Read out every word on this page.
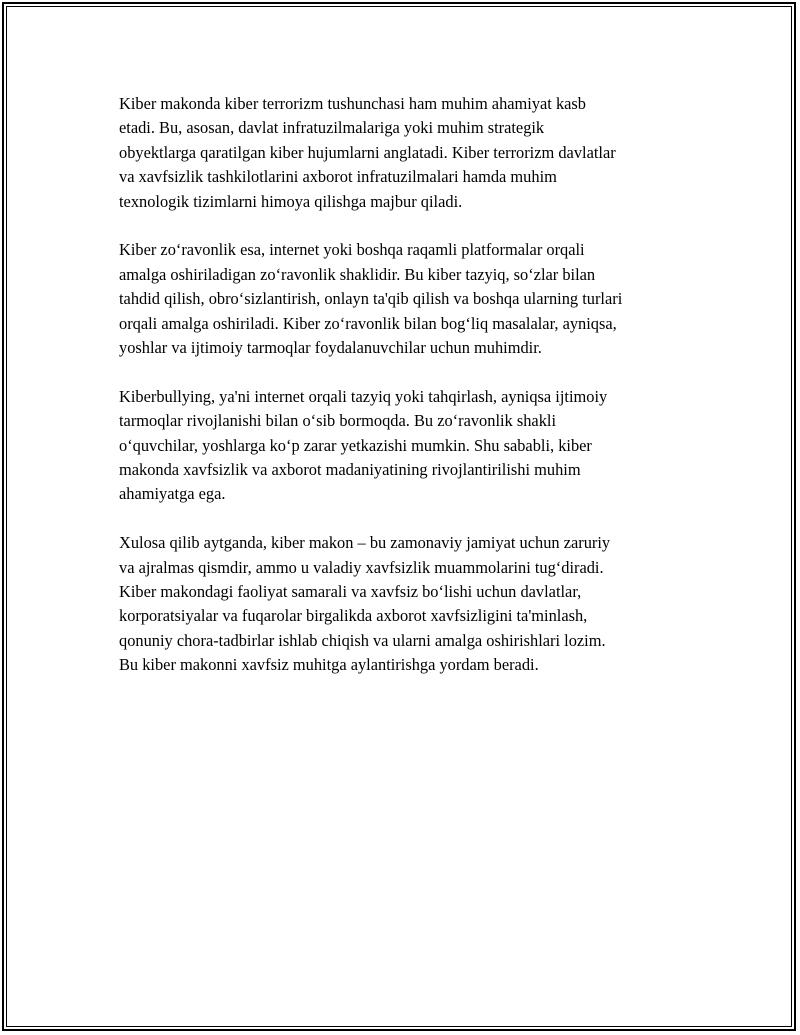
Kiber makonda kiber terrorizm tushunchasi ham muhim ahamiyat kasb
etadi. Bu, asosan, davlat infratuzilmalariga yoki muhim strategik
obyektlarga qaratilgan kiber hujumlarni anglatadi. Kiber terrorizm davlatlar
va xavfsizlik tashkilotlarini axborot infratuzilmalari hamda muhim
texnologik tizimlarni himoya qilishga majbur qiladi.

Kiber zo‘ravonlik esa, internet yoki boshqa raqamli platformalar orqali
amalga oshiriladigan zo‘ravonlik shaklidir. Bu kiber tazyiq, so‘zlar bilan
tahdid qilish, obro‘sizlantirish, onlayn ta'qib qilish va boshqa ularning turlari
orqali amalga oshiriladi. Kiber zo‘ravonlik bilan bog‘liq masalalar, ayniqsa,
yoshlar va ijtimoiy tarmoqlar foydalanuvchilar uchun muhimdir.

Kiberbullying, ya'ni internet orqali tazyiq yoki tahqirlash, ayniqsa ijtimoiy
tarmoqlar rivojlanishi bilan o‘sib bormoqda. Bu zo‘ravonlik shakli
o‘quvchilar, yoshlarga ko‘p zarar yetkazishi mumkin. Shu sababli, kiber
makonda xavfsizlik va axborot madaniyatining rivojlantirilishi muhim
ahamiyatga ega.

Xulosa qilib aytganda, kiber makon – bu zamonaviy jamiyat uchun zaruriy
va ajralmas qismdir, ammo u valadiy xavfsizlik muammolarini tug‘diradi.
Kiber makondagi faoliyat samarali va xavfsiz bo‘lishi uchun davlatlar,
korporatsiyalar va fuqarolar birgalikda axborot xavfsizligini ta'minlash,
qonuniy chora-tadbirlar ishlab chiqish va ularni amalga oshirishlari lozim.
Bu kiber makonni xavfsiz muhitga aylantirishga yordam beradi.
